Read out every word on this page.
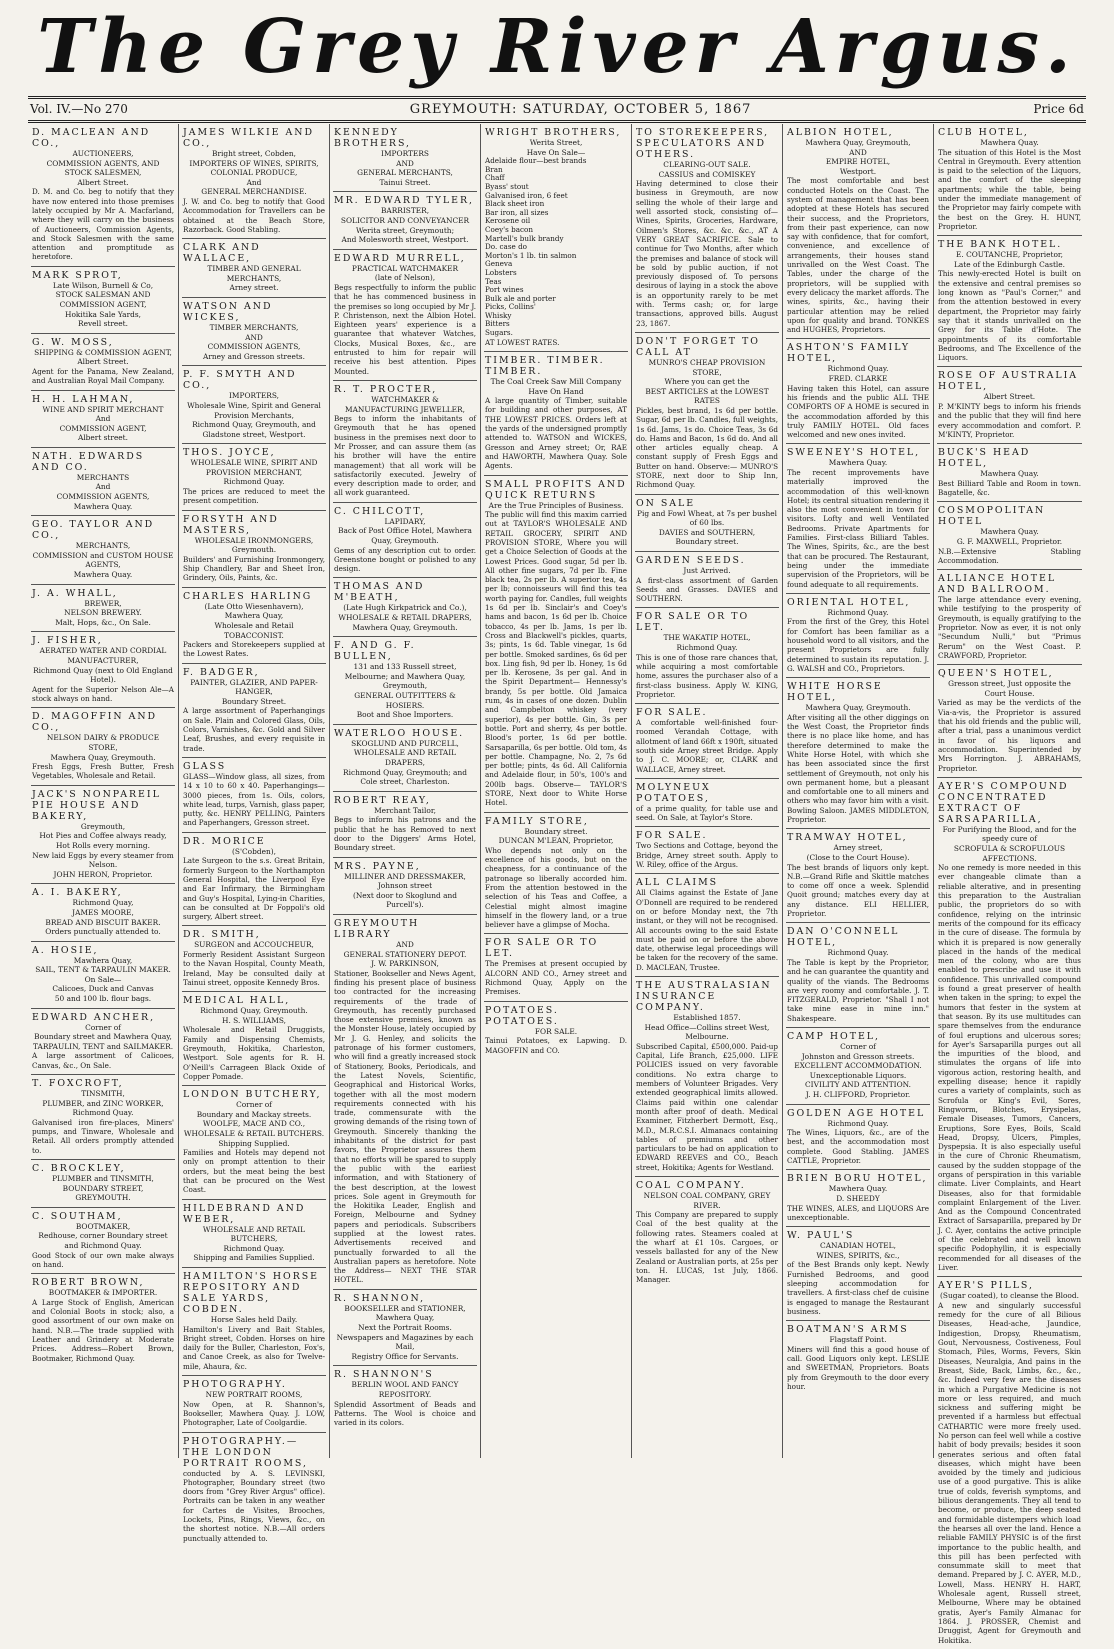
The Grey River Argus.
Vol. IV.—No 270	GREYMOUTH: SATURDAY, OCTOBER 5, 1867	Price 6d
D. MACLEAN AND CO.,
AUCTIONEERS,
COMMISSION AGENTS, AND STOCK SALESMEN,
Albert Street.
D. M. and Co. beg to notify that they have now entered into those premises lately occupied by Mr A. Macfarland, where they will carry on the business of Auctioneers, Commission Agents, and Stock Salesmen with the same attention and promptitude as heretofore.
MARK SPROT,
Late Wilson, Burnell & Co,
STOCK SALESMAN AND COMMISSION AGENT,
Hokitika Sale Yards,
Revell street.
G. W. MOSS,
SHIPPING & COMMISSION AGENT,
Albert Street.
Agent for the Panama, New Zealand, and Australian Royal Mail Company.
H. H. LAHMAN,
WINE AND SPIRIT MERCHANT
And
COMMISSION AGENT,
Albert street.
NATH. EDWARDS AND CO.
MERCHANTS
And
COMMISSION AGENTS,
Mawhera Quay.
GEO. TAYLOR AND CO.,
MERCHANTS,
COMMISSION and CUSTOM HOUSE AGENTS,
Mawhera Quay.
J. A. WHALL,
BREWER,
NELSON BREWERY.
Malt, Hops, &c., On Sale.
J. FISHER,
AERATED WATER AND CORDIAL MANUFACTURER,
Richmond Quay (next to Old England Hotel).
Agent for the Superior Nelson Ale—A stock always on hand.
D. MAGOFFIN AND CO.,
NELSON DAIRY & PRODUCE STORE,
Mawhera Quay, Greymouth.
Fresh Eggs, Fresh Butter, Fresh Vegetables, Wholesale and Retail.
JACK'S NONPAREIL PIE HOUSE AND BAKERY,
Greymouth,
Hot Pies and Coffee always ready,
Hot Rolls every morning.
New laid Eggs by every steamer from Nelson.
JOHN HERON, Proprietor.
A. I. BAKERY,
Richmond Quay,
JAMES MOORE,
BREAD AND BISCUIT BAKER.
Orders punctually attended to.
A. HOSIE,
Mawhera Quay,
SAIL, TENT & TARPAULIN MAKER.
On Sale—
Calicoes, Duck and Canvas
50 and 100 lb. flour bags.
EDWARD ANCHER,
Corner of
Boundary street and Mawhera Quay,
TARPAULIN, TENT and SAILMAKER.
A large assortment of Calicoes, Canvas, &c., On Sale.
T. FOXCROFT,
TINSMITH,
PLUMBER, and ZINC WORKER,
Richmond Quay.
Galvanised iron fire-places, Miners' pumps, and Tinware, Wholesale and Retail. All orders promptly attended to.
C. BROCKLEY,
PLUMBER and TINSMITH,
BOUNDARY STREET,
GREYMOUTH.
C. SOUTHAM,
BOOTMAKER,
Redhouse, corner Boundary street and Richmond Quay.
Good Stock of our own make always on hand.
ROBERT BROWN,
BOOTMAKER & IMPORTER.
A Large Stock of English, American and Colonial Boots in stock; also, a good assortment of our own make on hand. N.B.—The trade supplied with Leather and Grindery at Moderate Prices. Address—Robert Brown, Bootmaker, Richmond Quay.
JAMES WILKIE AND CO.,
Bright street, Cobden,
IMPORTERS OF WINES, SPIRITS,
COLONIAL PRODUCE,
And
GENERAL MERCHANDISE.
J. W. and Co. beg to notify that Good Accommodation for Travellers can be obtained at the Beach Store, Razorback. Good Stabling.
CLARK AND WALLACE,
TIMBER AND GENERAL MERCHANTS,
Arney street.
WATSON AND WICKES,
TIMBER MERCHANTS,
AND
COMMISSION AGENTS,
Arney and Gresson streets.
P. F. SMYTH AND CO.,
IMPORTERS,
Wholesale Wine, Spirit and General Provision Merchants,
Richmond Quay, Greymouth, and Gladstone street, Westport.
THOS. JOYCE,
WHOLESALE WINE, SPIRIT AND PROVISION MERCHANT,
Richmond Quay.
The prices are reduced to meet the present competition.
FORSYTH AND MASTERS,
WHOLESALE IRONMONGERS,
Greymouth.
Builders' and Furnishing Ironmongery, Ship Chandlery, Bar and Sheet Iron, Grindery, Oils, Paints, &c.
CHARLES HARLING
(Late Otto Wiesenhavern),
Mawhera Quay,
Wholesale and Retail
TOBACCONIST.
Packers and Storekeepers supplied at the Lowest Rates.
F. BADGER,
PAINTER, GLAZIER, AND PAPER-HANGER,
Boundary Street.
A large assortment of Paperhangings on Sale. Plain and Colored Glass, Oils, Colors, Varnishes, &c. Gold and Silver Leaf, Brushes, and every requisite in trade.
GLASS
GLASS—Window glass, all sizes, from 14 x 10 to 60 x 40. Paperhangings—3000 pieces, from 1s. Oils, colors, white lead, turps, Varnish, glass paper, putty, &c. HENRY PELLING, Painters and Paperhangers, Gresson street.
DR. MORICE
(S'Cobden),
Late Surgeon to the s.s. Great Britain, formerly Surgeon to the Northampton General Hospital, the Liverpool Eye and Ear Infirmary, the Birmingham and Guy's Hospital, Lying-in Charities, can be consulted at Dr Foppoli's old surgery, Albert street.
DR. SMITH,
SURGEON and ACCOUCHEUR,
Formerly Resident Assistant Surgeon to the Navan Hospital, County Meath, Ireland, May be consulted daily at Tainui street, opposite Kennedy Bros.
MEDICAL HALL,
Richmond Quay, Greymouth.
H. S. WILLIAMS,
Wholesale and Retail Druggists, Family and Dispensing Chemists, Greymouth, Hokitika, Charleston, Westport. Sole agents for R. H. O'Neill's Carrageen Black Oxide of Copper Pomade.
LONDON BUTCHERY,
Corner of
Boundary and Mackay streets.
WOOLFE, MACE AND CO.,
WHOLESALE & RETAIL BUTCHERS.
Shipping Supplied.
Families and Hotels may depend not only on prompt attention to their orders, but the meat being the best that can be procured on the West Coast.
HILDEBRAND AND WEBER,
WHOLESALE AND RETAIL BUTCHERS,
Richmond Quay.
Shipping and Families Supplied.
HAMILTON'S HORSE REPOSITORY AND SALE YARDS, COBDEN.
Horse Sales held Daily.
Hamilton's Livery and Bait Stables, Bright street, Cobden. Horses on hire daily for the Buller, Charleston, Fox's, and Canoe Creek, as also for Twelve-mile, Ahaura, &c.
PHOTOGRAPHY.
NEW PORTRAIT ROOMS,
Now Open, at R. Shannon's, Bookseller, Mawhera Quay. J. LOW, Photographer, Late of Coolgardie.
PHOTOGRAPHY.—THE LONDON PORTRAIT ROOMS,
conducted by A. S. LEVINSKI, Photographer, Boundary street (two doors from "Grey River Argus" office). Portraits can be taken in any weather for Cartes de Visites, Brooches, Lockets, Pins, Rings, Views, &c., on the shortest notice. N.B.—All orders punctually attended to.
KENNEDY BROTHERS,
IMPORTERS
AND
GENERAL MERCHANTS,
Tainui Street.
MR. EDWARD TYLER,
BARRISTER,
SOLICITOR AND CONVEYANCER
Werita street, Greymouth;
And Molesworth street, Westport.
EDWARD MURRELL,
PRACTICAL WATCHMAKER
(late of Nelson),
Begs respectfully to inform the public that he has commenced business in the premises so long occupied by Mr J. P. Christenson, next the Albion Hotel. Eighteen years' experience is a guarantee that whatever Watches, Clocks, Musical Boxes, &c., are entrusted to him for repair will receive his best attention. Pipes Mounted.
R. T. PROCTER,
WATCHMAKER & MANUFACTURING JEWELLER,
Begs to inform the inhabitants of Greymouth that he has opened business in the premises next door to Mr Prosser, and can assure them (as his brother will have the entire management) that all work will be satisfactorily executed. Jewelry of every description made to order, and all work guaranteed.
C. CHILCOTT,
LAPIDARY,
Back of Post Office Hotel, Mawhera Quay, Greymouth.
Gems of any description cut to order. Greenstone bought or polished to any design.
THOMAS AND M'BEATH,
(Late Hugh Kirkpatrick and Co.),
WHOLESALE & RETAIL DRAPERS,
Mawhera Quay, Greymouth.
F. AND G. F. BULLEN,
131 and 133 Russell street, Melbourne; and Mawhera Quay, Greymouth,
GENERAL OUTFITTERS & HOSIERS.
Boot and Shoe Importers.
WATERLOO HOUSE.
SKOGLUND AND PURCELL,
WHOLESALE AND RETAIL DRAPERS,
Richmond Quay, Greymouth; and Cole street, Charleston.
ROBERT REAY,
Merchant Tailor,
Begs to inform his patrons and the public that he has Removed to next door to the Diggers' Arms Hotel, Boundary street.
MRS. PAYNE,
MILLINER AND DRESSMAKER,
Johnson street
(Next door to Skoglund and Purcell's).
GREYMOUTH LIBRARY
AND
GENERAL STATIONERY DEPOT.
J. W. PARKINSON,
Stationer, Bookseller and News Agent, finding his present place of business too contracted for the increasing requirements of the trade of Greymouth, has recently purchased those extensive premises, known as the Monster House, lately occupied by Mr J. G. Henley, and solicits the patronage of his former customers, who will find a greatly increased stock of Stationery, Books, Periodicals, and the Latest Novels, Scientific, Geographical and Historical Works, together with all the most modern requirements connected with his trade, commensurate with the growing demands of the rising town of Greymouth. Sincerely thanking the inhabitants of the district for past favors, the Proprietor assures them that no efforts will be spared to supply the public with the earliest information, and with Stationery of the best description, at the lowest prices. Sole agent in Greymouth for the Hokitika Leader, English and Foreign, Melbourne and Sydney papers and periodicals. Subscribers supplied at the lowest rates. Advertisements received and punctually forwarded to all the Australian papers as heretofore. Note the Address— NEXT THE STAR HOTEL.
R. SHANNON,
BOOKSELLER and STATIONER,
Mawhera Quay,
Next the Portrait Rooms.
Newspapers and Magazines by each Mail,
Registry Office for Servants.
R. SHANNON'S
BERLIN WOOL AND FANCY REPOSITORY.
Splendid Assortment of Beads and Patterns. The Wool is choice and varied in its colors.
WRIGHT BROTHERS,
Werita Street,
Have On Sale—
Adelaide flour—best brands
Bran
Chaff
Byass' stout
Galvanised iron, 6 feet
Black sheet iron
Bar iron, all sizes
Kerosene oil
Coey's bacon
Martell's bulk brandy
Do. case do
Morton's 1 lb. tin salmon
Geneva
Lobsters
Teas
Port wines
Bulk ale and porter
Picks, Collins'
Whisky
Bitters
Sugars.
AT LOWEST RATES.
TIMBER. TIMBER. TIMBER.
The Coal Creek Saw Mill Company
Have On Hand
A large quantity of Timber, suitable for building and other purposes, AT THE LOWEST PRICES. Orders left at the yards of the undersigned promptly attended to. WATSON and WICKES, Gresson and Arney street; Or, RAE and HAWORTH, Mawhera Quay. Sole Agents.
SMALL PROFITS AND QUICK RETURNS
Are the True Principles of Business.
The public will find this maxim carried out at TAYLOR'S WHOLESALE AND RETAIL GROCERY, SPIRIT AND PROVISION STORE, Where you will get a Choice Selection of Goods at the Lowest Prices. Good sugar, 5d per lb. All other fine sugars, 7d per lb. Fine black tea, 2s per lb. A superior tea, 4s per lb; connoisseurs will find this tea worth paying for. Candles, full weights 1s 6d per lb. Sinclair's and Coey's hams and bacon, 1s 6d per lb. Choice tobacco, 4s per lb. Jams, 1s per lb. Cross and Blackwell's pickles, quarts, 3s; pints, 1s 6d. Table vinegar, 1s 6d per bottle. Smoked sardines, 6s 6d per box. Ling fish, 9d per lb. Honey, 1s 6d per lb. Kerosene, 3s per gal. And in the Spirit Department— Hennessy's brandy, 5s per bottle. Old Jamaica rum, 4s in cases of one dozen. Dublin and Campbelton whiskey (very superior), 4s per bottle. Gin, 3s per bottle. Port and sherry, 4s per bottle. Blood's porter, 1s 6d per bottle. Sarsaparilla, 6s per bottle. Old tom, 4s per bottle. Champagne, No. 2, 7s 6d per bottle; pints, 4s 6d. All California and Adelaide flour, in 50's, 100's and 200lb bags. Observe— TAYLOR'S STORE, Next door to White Horse Hotel.
FAMILY STORE,
Boundary street.
DUNCAN M'LEAN, Proprietor,
Who depends not only on the excellence of his goods, but on the cheapness, for a continuance of the patronage so liberally accorded him. From the attention bestowed in the selection of his Teas and Coffee, a Celestial might almost imagine himself in the flowery land, or a true believer have a glimpse of Mocha.
FOR SALE OR TO LET.
The Premises at present occupied by ALCORN AND CO., Arney street and Richmond Quay, Apply on the Premises.
POTATOES. POTATOES.
FOR SALE.
Tainui Potatoes, ex Lapwing. D. MAGOFFIN and CO.
TO STOREKEEPERS, SPECULATORS AND OTHERS.
CLEARING-OUT SALE.
CASSIUS and COMISKEY
Having determined to close their business in Greymouth, are now selling the whole of their large and well assorted stock, consisting of— Wines, Spirits, Groceries, Hardware, Oilmen's Stores, &c. &c. &c., AT A VERY GREAT SACRIFICE. Sale to continue for Two Months, after which the premises and balance of stock will be sold by public auction, if not previously disposed of. To persons desirous of laying in a stock the above is an opportunity rarely to be met with. Terms cash; or, for large transactions, approved bills. August 23, 1867.
DON'T FORGET TO CALL AT
MUNRO'S CHEAP PROVISION STORE,
Where you can get the
BEST ARTICLES at the LOWEST RATES
Pickles, best brand, 1s 6d per bottle. Sugar, 6d per lb. Candles, full weights, 1s 6d. Jams, 1s do. Choice Teas, 3s 6d do. Hams and Bacon, 1s 6d do. And all other articles equally cheap. A constant supply of Fresh Eggs and Butter on hand. Observe:— MUNRO'S STORE, next door to Ship Inn, Richmond Quay.
ON SALE
Pig and Fowl Wheat, at 7s per bushel of 60 lbs.
DAVIES and SOUTHERN,
Boundary street.
GARDEN SEEDS.
Just Arrived.
A first-class assortment of Garden Seeds and Grasses. DAVIES and SOUTHERN.
FOR SALE OR TO LET.
THE WAKATIP HOTEL,
Richmond Quay.
This is one of those rare chances that, while acquiring a most comfortable home, assures the purchaser also of a first-class business. Apply W. KING, Proprietor.
FOR SALE.
A comfortable well-finished four-roomed Verandah Cottage, with allotment of land 66ft x 190ft, situated south side Arney street Bridge. Apply to J. C. MOORE; or, CLARK and WALLACE, Arney street.
MOLYNEUX POTATOES,
of a prime quality, for table use and seed. On Sale, at Taylor's Store.
FOR SALE.
Two Sections and Cottage, beyond the Bridge, Arney street south. Apply to W. Riley, office of the Argus.
ALL CLAIMS
All Claims against the Estate of Jane O'Donnell are required to be rendered on or before Monday next, the 7th instant, or they will not be recognised. All accounts owing to the said Estate must be paid on or before the above date, otherwise legal proceedings will be taken for the recovery of the same. D. MACLEAN, Trustee.
THE AUSTRALASIAN INSURANCE COMPANY.
Established 1857.
Head Office—Collins street West, Melbourne.
Subscribed Capital, £500,000. Paid-up Capital, Life Branch, £25,000. LIFE POLICIES issued on very favorable conditions. No extra charge to members of Volunteer Brigades. Very extended geographical limits allowed. Claims paid within one calendar month after proof of death. Medical Examiner, Fitzherbert Dermott, Esq., M.D., M.R.C.S.I. Almanacs containing tables of premiums and other particulars to be had on application to EDWARD REEVES and CO., Beach street, Hokitika; Agents for Westland.
COAL COMPANY.
NELSON COAL COMPANY, GREY RIVER.
This Company are prepared to supply Coal of the best quality at the following rates. Steamers coaled at the wharf at £1 10s. Cargoes, or vessels ballasted for any of the New Zealand or Australian ports, at 25s per ton. H. LUCAS, 1st July, 1866. Manager.
ALBION HOTEL,
Mawhera Quay, Greymouth,
AND
EMPIRE HOTEL,
Westport.
The most comfortable and best conducted Hotels on the Coast. The system of management that has been adopted at these Hotels has secured their success, and the Proprietors, from their past experience, can now say with confidence, that for comfort, convenience, and excellence of arrangements, their houses stand unrivalled on the West Coast. The Tables, under the charge of the proprietors, will be supplied with every delicacy the market affords. The wines, spirits, &c., having their particular attention may be relied upon for quality and brand. TONKES and HUGHES, Proprietors.
ASHTON'S FAMILY HOTEL,
Richmond Quay.
FRED. CLARKE
Having taken this Hotel, can assure his friends and the public ALL THE COMFORTS OF A HOME is secured in the accommodation afforded by this truly FAMILY HOTEL. Old faces welcomed and new ones invited.
SWEENEY'S HOTEL,
Mawhera Quay.
The recent improvements have materially improved the accommodation of this well-known Hotel; its central situation rendering it also the most convenient in town for visitors. Lofty and well Ventilated Bedrooms. Private Apartments for Families. First-class Billiard Tables. The Wines, Spirits, &c., are the best that can be procured. The Restaurant, being under the immediate supervision of the Proprietors, will be found adequate to all requirements.
ORIENTAL HOTEL,
Richmond Quay.
From the first of the Grey, this Hotel for Comfort has been familiar as a household word to all visitors, and the present Proprietors are fully determined to sustain its reputation. J. G. WALSH and CO., Proprietors.
WHITE HORSE HOTEL,
Mawhera Quay, Greymouth.
After visiting all the other diggings on the West Coast, the Proprietor finds there is no place like home, and has therefore determined to make the White Horse Hotel, with which she has been associated since the first settlement of Greymouth, not only his own permanent home, but a pleasant and comfortable one to all miners and others who may favor him with a visit. Bowling Saloon. JAMES MIDDLETON, Proprietor.
TRAMWAY HOTEL,
Arney street,
(Close to the Court House).
The best brands of liquors only kept. N.B.—Grand Rifle and Skittle matches to come off once a week. Splendid Quoit ground; matches every day at any distance. ELI HELLIER, Proprietor.
DAN O'CONNELL HOTEL,
Richmond Quay.
The Table is kept by the Proprietor, and he can guarantee the quantity and quality of the viands. The Bedrooms are very roomy and comfortable. J. T. FITZGERALD, Proprietor. "Shall I not take mine ease in mine inn." Shakespeare.
CAMP HOTEL,
Corner of
Johnston and Gresson streets.
EXCELLENT ACCOMMODATION.
Unexceptionable Liquors.
CIVILITY AND ATTENTION.
J. H. CLIFFORD, Proprietor.
GOLDEN AGE HOTEL
Richmond Quay.
The Wines, Liquors, &c., are of the best, and the accommodation most complete. Good Stabling. JAMES CATTLE, Proprietor.
BRIEN BORU HOTEL,
Mawhera Quay.
D. SHEEDY
THE WINES, ALES, and LIQUORS Are unexceptionable.
W. PAUL'S
CANADIAN HOTEL,
WINES, SPIRITS, &c.,
of the Best Brands only kept. Newly Furnished Bedrooms, and good sleeping accommodation for travellers. A first-class chef de cuisine is engaged to manage the Restaurant business.
BOATMAN'S ARMS
Flagstaff Point.
Miners will find this a good house of call. Good Liquors only kept. LESLIE and SWEETMAN, Proprietors. Boats ply from Greymouth to the door every hour.
CLUB HOTEL,
Mawhera Quay.
The situation of this Hotel is the Most Central in Greymouth. Every attention is paid to the selection of the Liquors, and the comfort of the sleeping apartments; while the table, being under the immediate management of the Proprietor may fairly compete with the best on the Grey. H. HUNT, Proprietor.
THE BANK HOTEL.
E. COUTANCHE, Proprietor,
Late of the Edinburgh Castle.
This newly-erected Hotel is built on the extensive and central premises so long known as "Paul's Corner," and from the attention bestowed in every department, the Proprietor may fairly say that it stands unrivalled on the Grey for its Table d'Hote. The appointments of its comfortable Bedrooms, and The Excellence of the Liquors.
ROSE OF AUSTRALIA HOTEL,
Albert Street.
P. M'KINTY begs to inform his friends and the public that they will find here every accommodation and comfort. P. M'KINTY, Proprietor.
BUCK'S HEAD HOTEL,
Mawhera Quay.
Best Billiard Table and Room in town. Bagatelle, &c.
COSMOPOLITAN HOTEL
Mawhera Quay.
G. F. MAXWELL, Proprietor.
N.B.—Extensive Stabling Accommodation.
ALLIANCE HOTEL AND BALLROOM.
The large attendance every evening, while testifying to the prosperity of Greymouth, is equally gratifying to the Proprietor. Now as ever, it is not only "Secundum Nulli," but "Primus Rerum" on the West Coast. P. CRAWFORD, Proprietor.
QUEEN'S HOTEL,
Gresson street, Just opposite the Court House.
Varied as may be the verdicts of the Via-a-vis, the Proprietor is assured that his old friends and the public will, after a trial, pass a unanimous verdict in favor of his liquors and accommodation. Superintended by Mrs Horrington. J. ABRAHAMS, Proprietor.
AYER'S COMPOUND CONCENTRATED EXTRACT OF SARSAPARILLA,
For Purifying the Blood, and for the speedy cure of
SCROFULA & SCROFULOUS AFFECTIONS.
No one remedy is more needed in this ever changeable climate than a reliable alterative, and in presenting this preparation to the Australian public, the proprietors do so with confidence, relying on the intrinsic merits of the compound for its efficacy in the cure of disease. The formula by which it is prepared is now generally placed in the hands of the medical men of the colony, who are thus enabled to prescribe and use it with confidence. This unrivalled compound is found a great preserver of health when taken in the spring; to expel the humors that fester in the system at that season. By its use multitudes can spare themselves from the endurance of foul eruptions and ulcerous sores; for Ayer's Sarsaparilla purges out all the impurities of the blood, and stimulates the organs of life into vigorous action, restoring health, and expelling disease; hence it rapidly cures a variety of complaints, such as Scrofula or King's Evil, Sores, Ringworm, Blotches, Erysipelas, Female Diseases, Tumors, Cancers, Eruptions, Sore Eyes, Boils, Scald Head, Dropsy, Ulcers, Pimples, Dyspepsia. It is also especially useful in the cure of Chronic Rheumatism, caused by the sudden stoppage of the organs of perspiration in this variable climate. Liver Complaints, and Heart Diseases, also for that formidable complaint Enlargement of the Liver. And as the Compound Concentrated Extract of Sarsaparilla, prepared by Dr J. C. Ayer, contains the active principle of the celebrated and well known specific Podophyllin, it is especially recommended for all diseases of the Liver.
AYER'S PILLS,
(Sugar coated), to cleanse the Blood.
A new and singularly successful remedy for the cure of all Bilious Diseases, Head-ache, Jaundice, Indigestion, Dropsy, Rheumatism, Gout, Nervousness, Costiveness, Foul Stomach, Piles, Worms, Fevers, Skin Diseases, Neuralgia, And pains in the Breast, Side, Back, Limbs, &c., &c., &c. Indeed very few are the diseases in which a Purgative Medicine is not more or less required, and much sickness and suffering might be prevented if a harmless but effectual CATHARTIC were more freely used. No person can feel well while a costive habit of body prevails; besides it soon generates serious and often fatal diseases, which might have been avoided by the timely and judicious use of a good purgative. This is alike true of colds, feverish symptoms, and bilious derangements. They all tend to become, or produce, the deep seated and formidable distempers which load the hearses all over the land. Hence a reliable FAMILY PHYSIC is of the first importance to the public health, and this pill has been perfected with consummate skill to meet that demand. Prepared by J. C. AYER, M.D., Lowell, Mass. HENRY H. HART, Wholesale agent, Russell street, Melbourne, Where may be obtained gratis, Ayer's Family Almanac for 1864. J. PROSSER, Chemist and Druggist, Agent for Greymouth and Hokitika.
